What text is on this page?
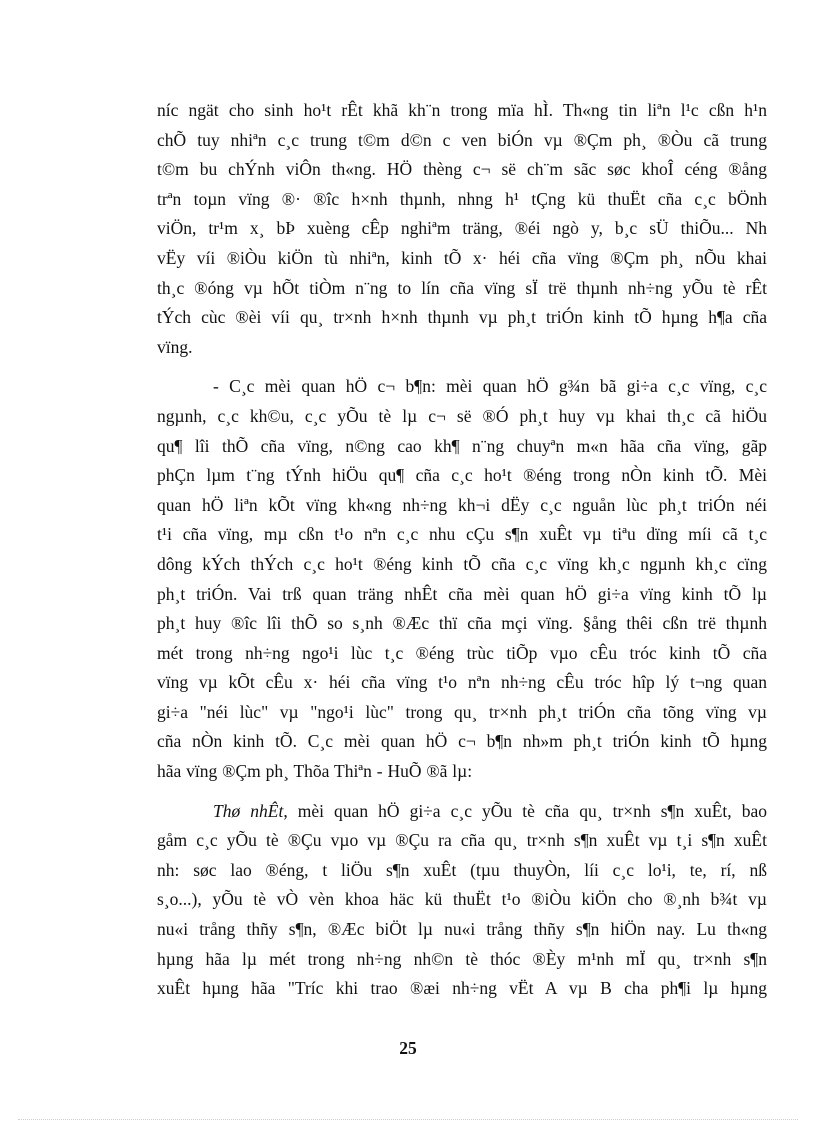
níc ngät cho sinh ho¹t rÊt khã kh¨n trong mïa hÌ. Th«ng tin liªn l¹c cßn h¹n
chÕ tuy nhiªn c¸c trung t©m d©n c ven biÓn vµ ®Çm ph¸ ®Òu cã trung
t©m bu chÝnh viÔn th«ng. HÖ thèng c¬ së ch¨m sãc søc khoÎ céng ®ång
trªn toµn vïng ®· ®îc h×nh thµnh, nhng h¹ tÇng kü thuËt cña c¸c bÖnh
viÖn, tr¹m x¸ bÞ xuèng cÊp nghiªm träng, ®éi ngò y, b¸c sÜ thiÕu... Nh
vËy víi ®iÒu kiÖn tù nhiªn, kinh tÕ x· héi cña vïng ®Çm ph¸ nÕu khai
th¸c ®óng vµ hÕt tiÒm n¨ng to lín cña vïng sÏ trë thµnh nh÷ng yÕu tè rÊt
tÝch cùc ®èi víi qu¸ tr×nh h×nh thµnh vµ ph¸t triÓn kinh tÕ hµng h¶a cña
vïng.

- C¸c mèi quan hÖ c¬ b¶n: mèi quan hÖ g¾n bã gi÷a c¸c vïng, c¸c
ngµnh, c¸c kh©u, c¸c yÕu tè lµ c¬ së ®Ó ph¸t huy vµ khai th¸c cã hiÖu
qu¶ lîi thÕ cña vïng, n©ng cao kh¶ n¨ng chuyªn m«n hãa cña vïng, gãp
phÇn lµm t¨ng tÝnh hiÖu qu¶ cña c¸c ho¹t ®éng trong nÒn kinh tÕ. Mèi
quan hÖ liªn kÕt vïng kh«ng nh÷ng kh¬i dËy c¸c nguån lùc ph¸t triÓn néi
t¹i cña vïng, mµ cßn t¹o nªn c¸c nhu cÇu s¶n xuÊt vµ tiªu dïng míi cã t¸c
dông kÝch thÝch c¸c ho¹t ®éng kinh tÕ cña c¸c vïng kh¸c ngµnh kh¸c cïng
ph¸t triÓn. Vai trß quan träng nhÊt cña mèi quan hÖ gi÷a vïng kinh tÕ lµ
ph¸t huy ®îc lîi thÕ so s¸nh ®Æc thï cña mçi vïng. §ång thêi cßn trë thµnh
mét trong nh÷ng ngo¹i lùc t¸c ®éng trùc tiÕp vµo cÊu tróc kinh tÕ cña
vïng vµ kÕt cÊu x· héi cña vïng t¹o nªn nh÷ng cÊu tróc hîp lý t¬ng quan
gi÷a "néi lùc" vµ "ngo¹i lùc" trong qu¸ tr×nh ph¸t triÓn cña tõng vïng vµ
cña nÒn kinh tÕ. C¸c mèi quan hÖ c¬ b¶n nh»m ph¸t triÓn kinh tÕ hµng
hãa vïng ®Çm ph¸ Thõa Thiªn - HuÕ ®ã lµ:

Thø nhÊt, mèi quan hÖ gi÷a c¸c yÕu tè cña qu¸ tr×nh s¶n xuÊt, bao
gåm c¸c yÕu tè ®Çu vµo vµ ®Çu ra cña qu¸ tr×nh s¶n xuÊt vµ t¸i s¶n xuÊt
nh: søc lao ®éng, t liÖu s¶n xuÊt (tµu thuyÒn, líi c¸c lo¹i, te, rí, nß
s¸o...), yÕu tè vÒ vèn khoa häc kü thuËt t¹o ®iÒu kiÖn cho ®¸nh b¾t vµ
nu«i trång thñy s¶n, ®Æc biÖt lµ nu«i trång thñy s¶n hiÖn nay. Lu th«ng
hµng hãa lµ mét trong nh÷ng nh©n tè thóc ®Èy m¹nh mÏ qu¸ tr×nh s¶n
xuÊt hµng hãa "Tríc khi trao ®æi nh÷ng vËt A vµ B cha ph¶i lµ hµng

25
